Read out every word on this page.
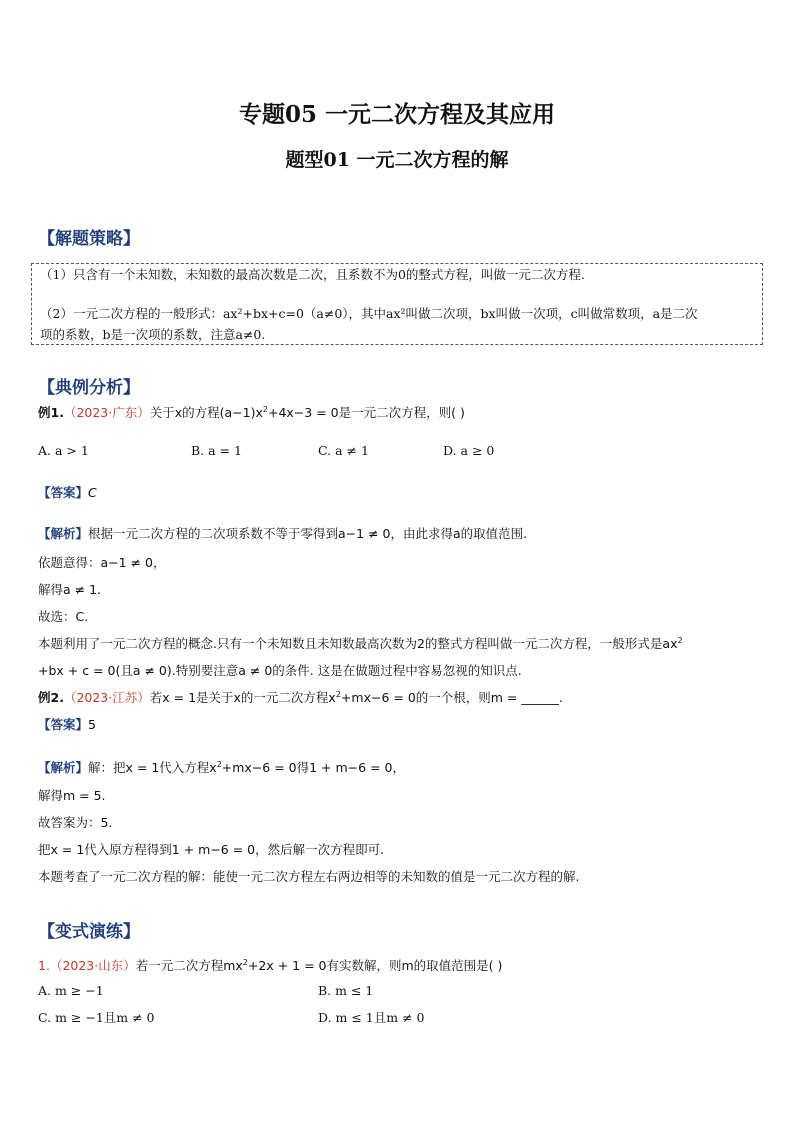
专题05 一元二次方程及其应用
题型01 一元二次方程的解
【解题策略】
（1）只含有一个未知数，未知数的最高次数是二次，且系数不为0的整式方程，叫做一元二次方程.
（2）一元二次方程的一般形式：ax²+bx+c=0（a≠0），其中ax²叫做二次项，bx叫做一次项，c叫做常数项，a是二次
项的系数，b是一次项的系数，注意a≠0.
【典例分析】
例1.（2023·广东）关于x的方程$(a-1)x^2+4x-3 = 0$是一元二次方程，则( )
A. a > 1	B. a = 1	C. a ≠ 1	D. a ≥ 0
【答案】C
【解析】根据一元二次方程的二次项系数不等于零得到a−1 ≠ 0，由此求得a的取值范围.
依题意得：a−1 ≠ 0，
解得a ≠ 1.
故选：C.
本题利用了一元二次方程的概念.只有一个未知数且未知数最高次数为2的整式方程叫做一元二次方程，一般形式是$ax^2$
+bx + c = 0(且a ≠ 0).特别要注意a ≠ 0的条件. 这是在做题过程中容易忽视的知识点.
例2.（2023·江苏）若x = 1是关于x的一元二次方程$x^2+mx-6 = 0$的一个根，则m = ______.
【答案】5
【解析】解：把x = 1代入方程$x^2+mx-6 = 0$得1 + m−6 = 0，
解得m = 5.
故答案为：5.
把x = 1代入原方程得到1 + m−6 = 0，然后解一次方程即可.
本题考查了一元二次方程的解：能使一元二次方程左右两边相等的未知数的值是一元二次方程的解.
【变式演练】
1.（2023·山东）若一元二次方程$mx^2+2x + 1 = 0$有实数解，则m的取值范围是( )
A. m ≥ −1	B. m ≤ 1
C. m ≥ −1且m ≠ 0	D. m ≤ 1且m ≠ 0
